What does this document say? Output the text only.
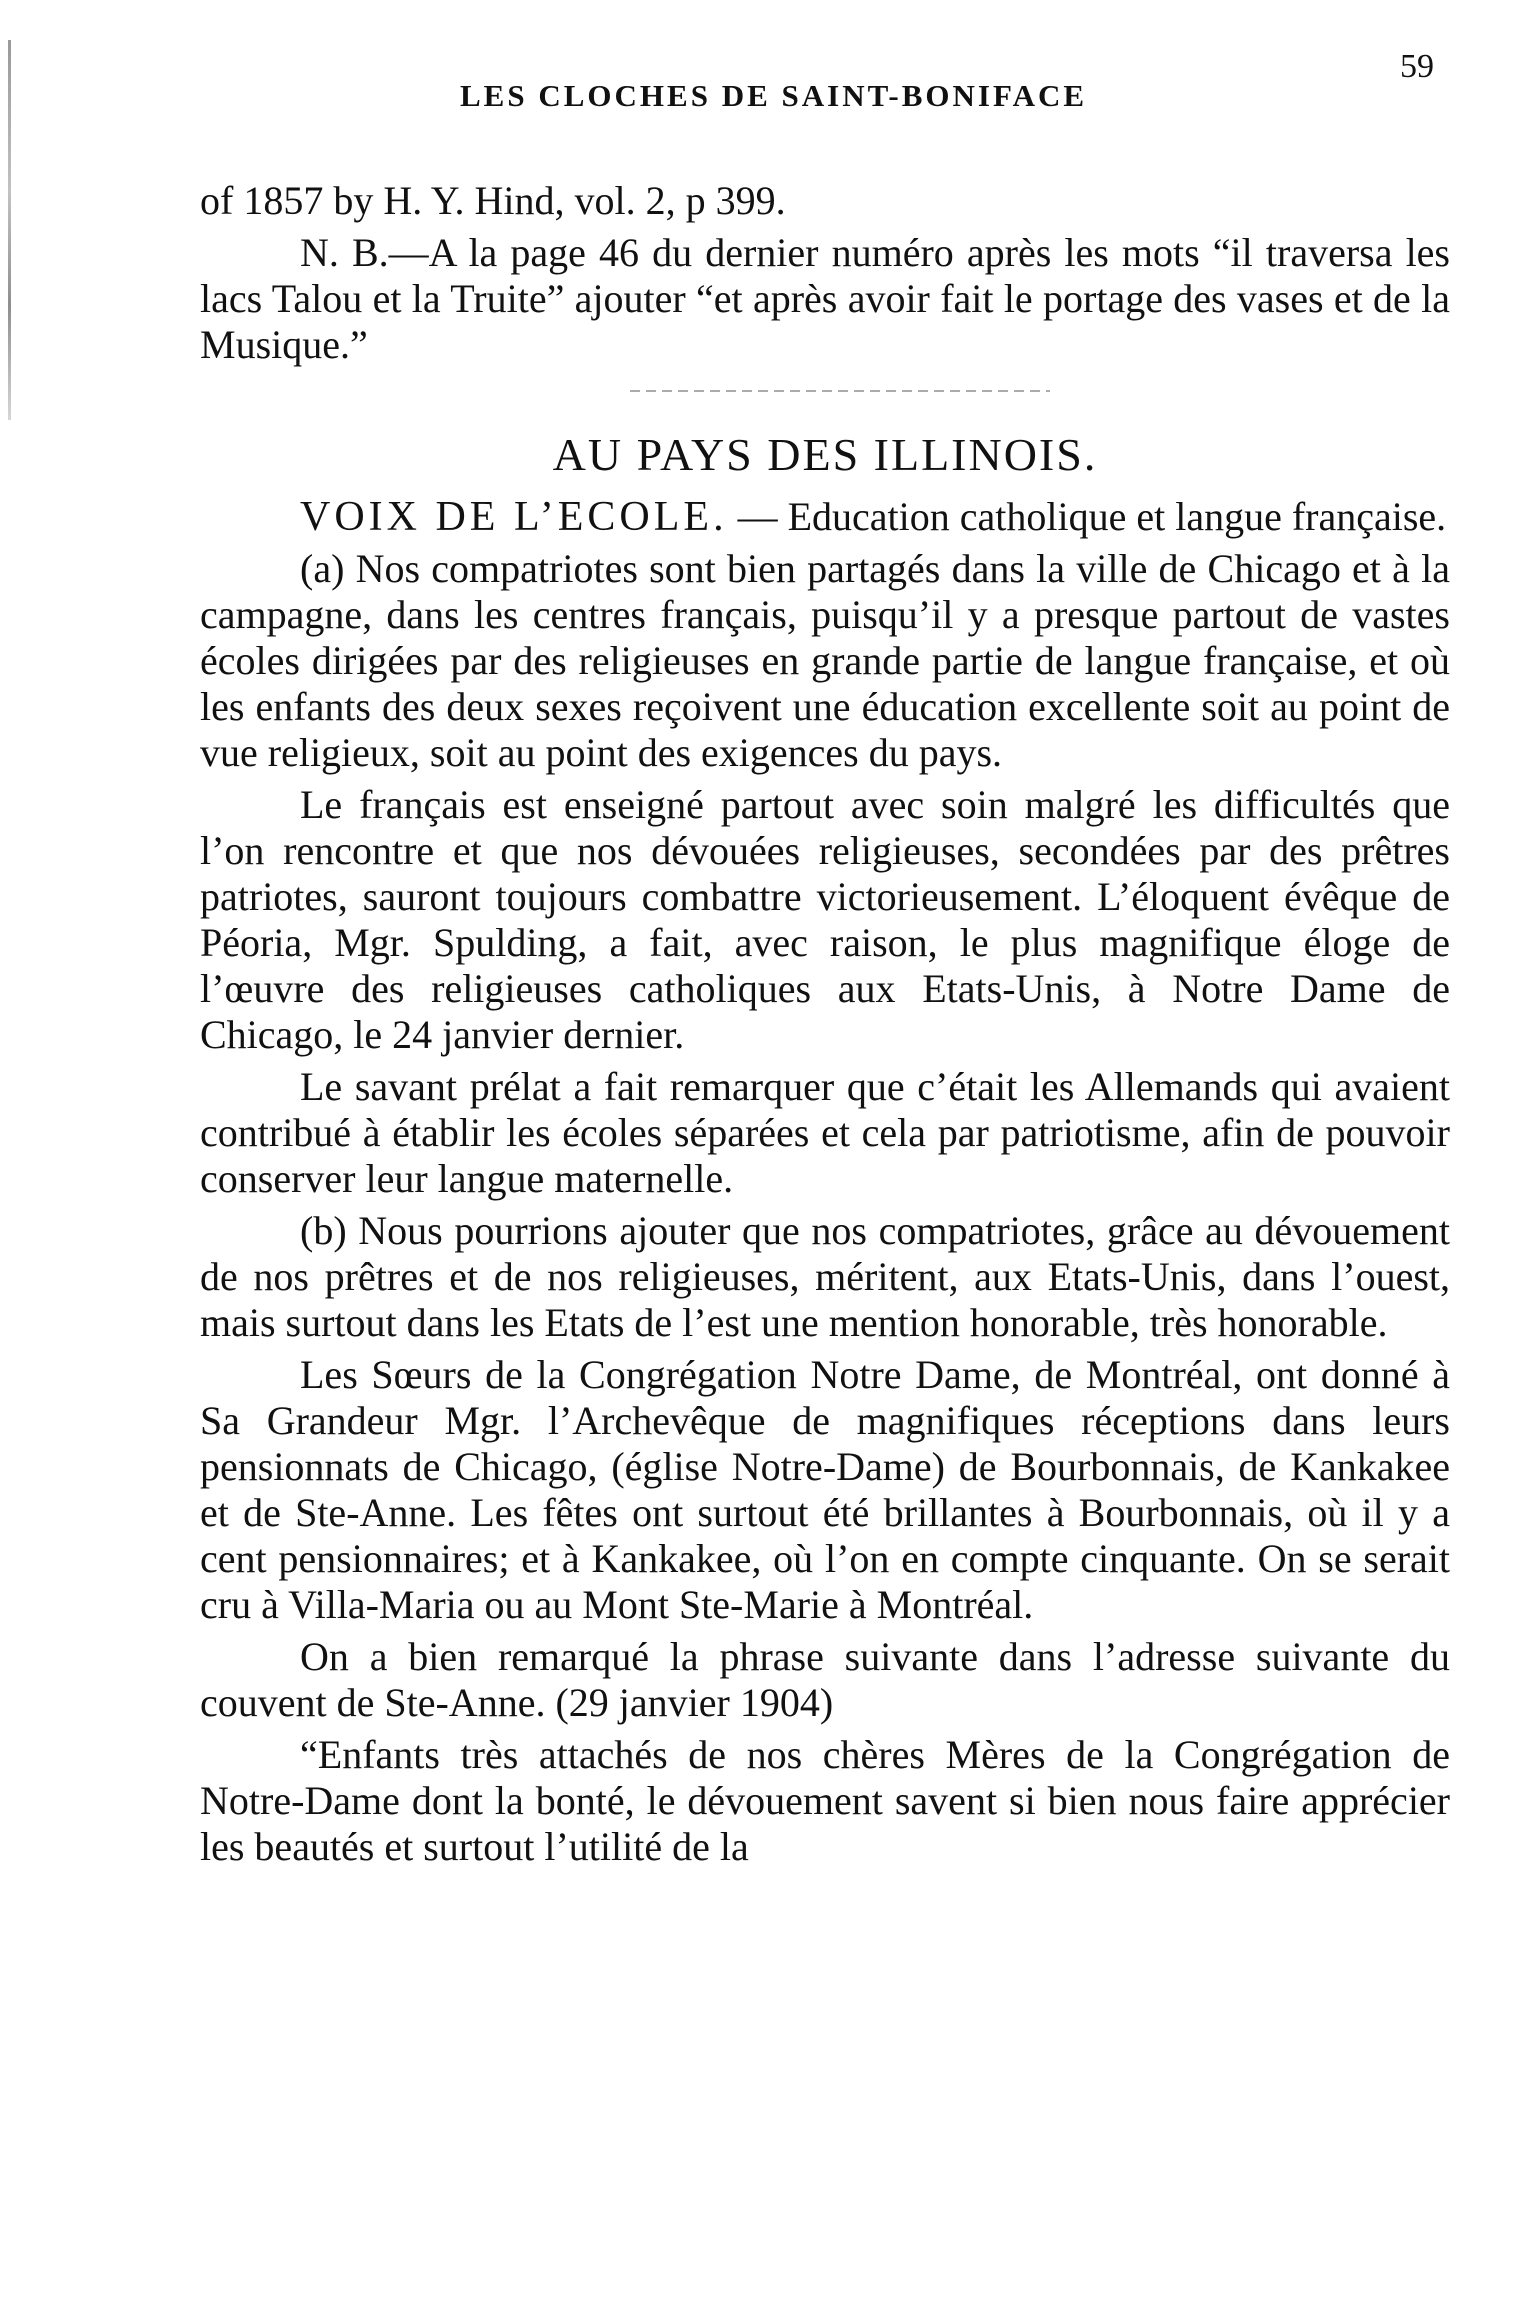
LES CLOCHES DE SAINT-BONIFACE
59

of 1857 by H. Y. Hind, vol. 2, p 399.

N. B.—A la page 46 du dernier numéro après les mots “il traversa les lacs Talou et la Truite” ajouter “et après avoir fait le portage des vases et de la Musique.”

AU PAYS DES ILLINOIS.

VOIX DE L’ECOLE. — Education catholique et langue française.

(a) Nos compatriotes sont bien partagés dans la ville de Chicago et à la campagne, dans les centres français, puisqu’il y a presque partout de vastes écoles dirigées par des religieuses en grande partie de langue française, et où les enfants des deux sexes reçoivent une éducation excellente soit au point de vue religieux, soit au point des exigences du pays.

Le français est enseigné partout avec soin malgré les difficultés que l’on rencontre et que nos dévouées religieuses, secondées par des prêtres patriotes, sauront toujours combattre victorieusement. L’éloquent évêque de Péoria, Mgr. Spulding, a fait, avec raison, le plus magnifique éloge de l’œuvre des religieuses catholiques aux Etats-Unis, à Notre Dame de Chicago, le 24 janvier dernier.

Le savant prélat a fait remarquer que c’était les Allemands qui avaient contribué à établir les écoles séparées et cela par patriotisme, afin de pouvoir conserver leur langue maternelle.

(b) Nous pourrions ajouter que nos compatriotes, grâce au dévouement de nos prêtres et de nos religieuses, méritent, aux Etats-Unis, dans l’ouest, mais surtout dans les Etats de l’est une mention honorable, très honorable.

Les Sœurs de la Congrégation Notre Dame, de Montréal, ont donné à Sa Grandeur Mgr. l’Archevêque de magnifiques réceptions dans leurs pensionnats de Chicago, (église Notre-Dame) de Bourbonnais, de Kankakee et de Ste-Anne. Les fêtes ont surtout été brillantes à Bourbonnais, où il y a cent pensionnaires; et à Kankakee, où l’on en compte cinquante. On se serait cru à Villa-Maria ou au Mont Ste-Marie à Montréal.

On a bien remarqué la phrase suivante dans l’adresse suivante du couvent de Ste-Anne. (29 janvier 1904)

“Enfants très attachés de nos chères Mères de la Congrégation de Notre-Dame dont la bonté, le dévouement savent si bien nous faire apprécier les beautés et surtout l’utilité de la
